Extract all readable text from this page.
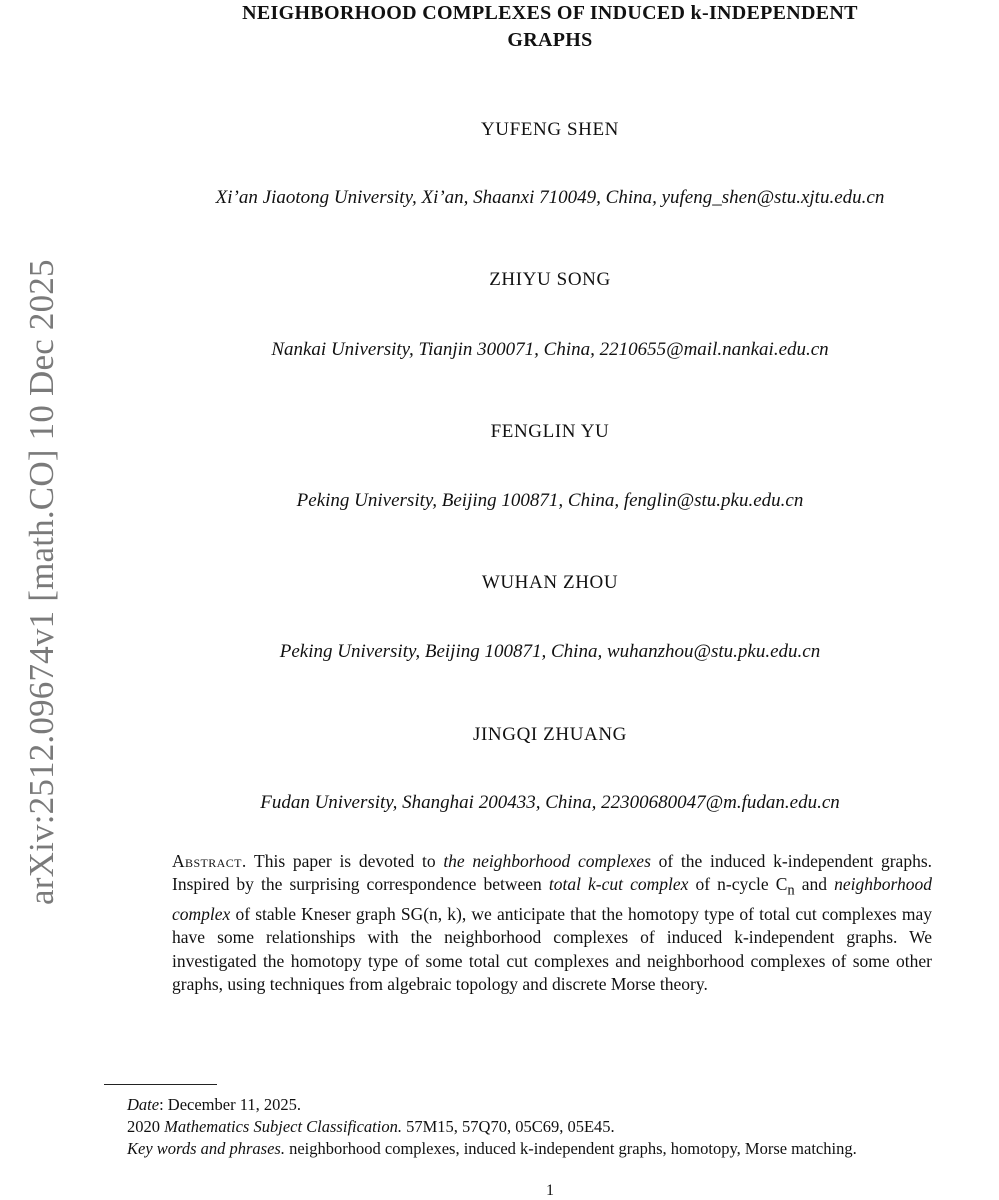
NEIGHBORHOOD COMPLEXES OF INDUCED k-INDEPENDENT
GRAPHS
arXiv:2512.09674v1 [math.CO] 10 Dec 2025
YUFENG SHEN
Xi’an Jiaotong University, Xi’an, Shaanxi 710049, China, yufeng_shen@stu.xjtu.edu.cn
ZHIYU SONG
Nankai University, Tianjin 300071, China, 2210655@mail.nankai.edu.cn
FENGLIN YU
Peking University, Beijing 100871, China, fenglin@stu.pku.edu.cn
WUHAN ZHOU
Peking University, Beijing 100871, China, wuhanzhou@stu.pku.edu.cn
JINGQI ZHUANG
Fudan University, Shanghai 200433, China, 22300680047@m.fudan.edu.cn
Abstract. This paper is devoted to the neighborhood complexes of the induced k-independent graphs. Inspired by the surprising correspondence between total k-cut complex of n-cycle $C_n$ and neighborhood complex of stable Kneser graph SG(n, k), we anticipate that the homotopy type of total cut complexes may have some relationships with the neighborhood complexes of induced k-independent graphs. We investigated the homotopy type of some total cut complexes and neighborhood complexes of some other graphs, using techniques from algebraic topology and discrete Morse theory.
Date: December 11, 2025.
2020 Mathematics Subject Classification. 57M15, 57Q70, 05C69, 05E45.
Key words and phrases. neighborhood complexes, induced k-independent graphs, homotopy, Morse matching.
1
